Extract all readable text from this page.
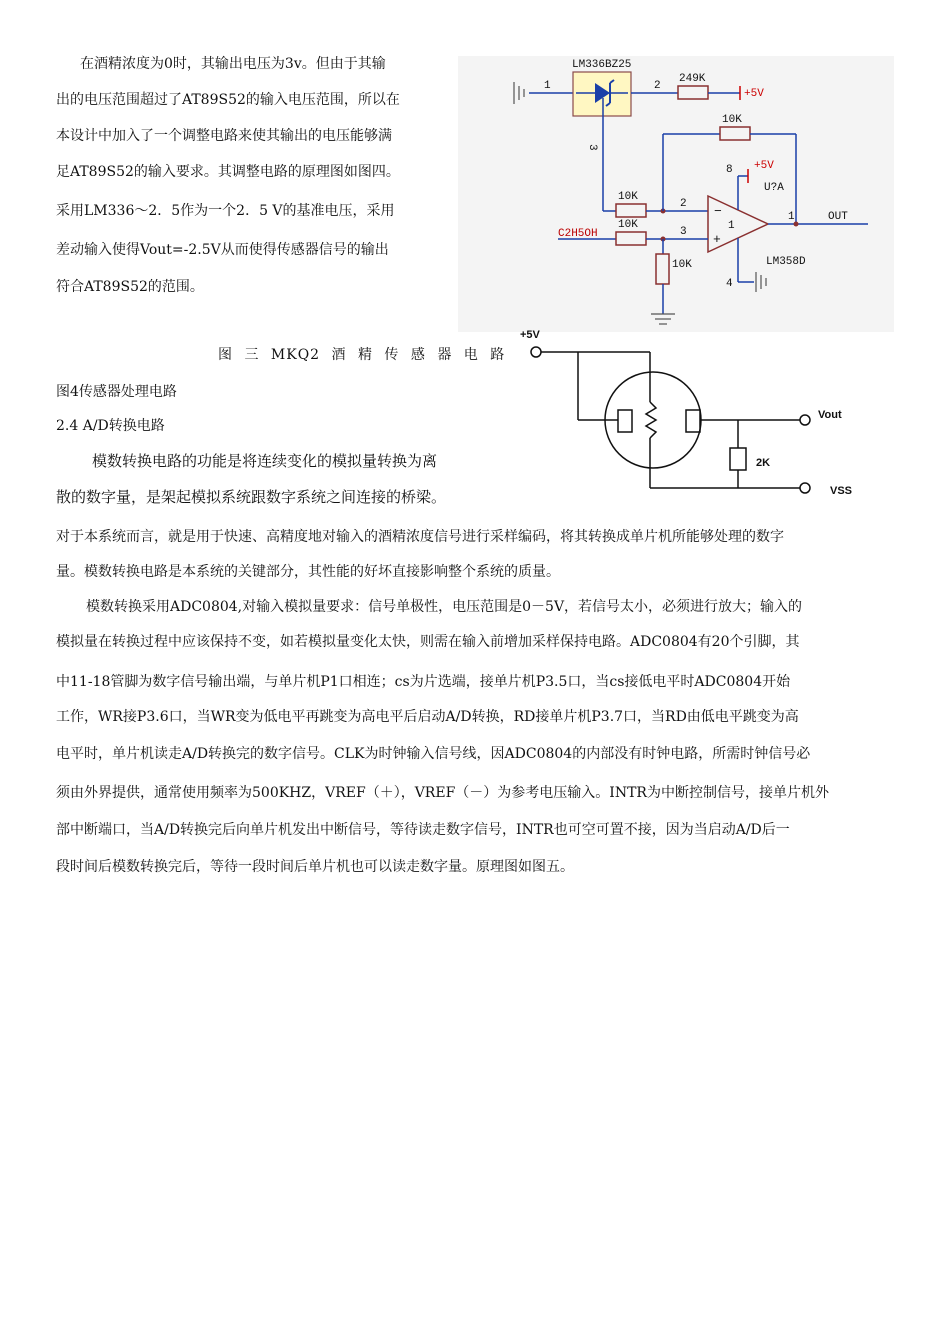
在酒精浓度为0时，其输出电压为3v。但由于其输
出的电压范围超过了AT89S52的输入电压范围，所以在
本设计中加入了一个调整电路来使其输出的电压能够满
足AT89S52的输入要求。其调整电路的原理图如图四。
采用LM336～2．5作为一个2．5 V的基准电压，采用
差动输入使得Vout=-2.5V从而使得传感器信号的输出
符合AT89S52的范围。
1
LM336BZ25
2
249K
+5V
3
10K
2
10K
−
+
1
+5V
8
U?A
4
LM358D
1	OUT
C2H5OH
10K
3
10K
图 三 MKQ2 酒 精 传 感 器 电 路
+5V
Vout
2K
VSS
图4传感器处理电路
2.4 A/D转换电路
模数转换电路的功能是将连续变化的模拟量转换为离
散的数字量，是架起模拟系统跟数字系统之间连接的桥梁。
对于本系统而言，就是用于快速、高精度地对输入的酒精浓度信号进行采样编码，将其转换成单片机所能够处理的数字
量。模数转换电路是本系统的关键部分，其性能的好坏直接影响整个系统的质量。
模数转换采用ADC0804,对输入模拟量要求：信号单极性，电压范围是0－5V，若信号太小，必须进行放大；输入的
模拟量在转换过程中应该保持不变，如若模拟量变化太快，则需在输入前增加采样保持电路。ADC0804有20个引脚，其
中11-18管脚为数字信号输出端，与单片机P1口相连；cs为片选端，接单片机P3.5口，当cs接低电平时ADC0804开始
工作，WR接P3.6口，当WR变为低电平再跳变为高电平后启动A/D转换，RD接单片机P3.7口，当RD由低电平跳变为高
电平时，单片机读走A/D转换完的数字信号。CLK为时钟输入信号线，因ADC0804的内部没有时钟电路，所需时钟信号必
须由外界提供，通常使用频率为500KHZ，VREF（＋），VREF（－）为参考电压输入。INTR为中断控制信号，接单片机外
部中断端口，当A/D转换完后向单片机发出中断信号，等待读走数字信号，INTR也可空可置不接，因为当启动A/D后一
段时间后模数转换完后，等待一段时间后单片机也可以读走数字量。原理图如图五。
